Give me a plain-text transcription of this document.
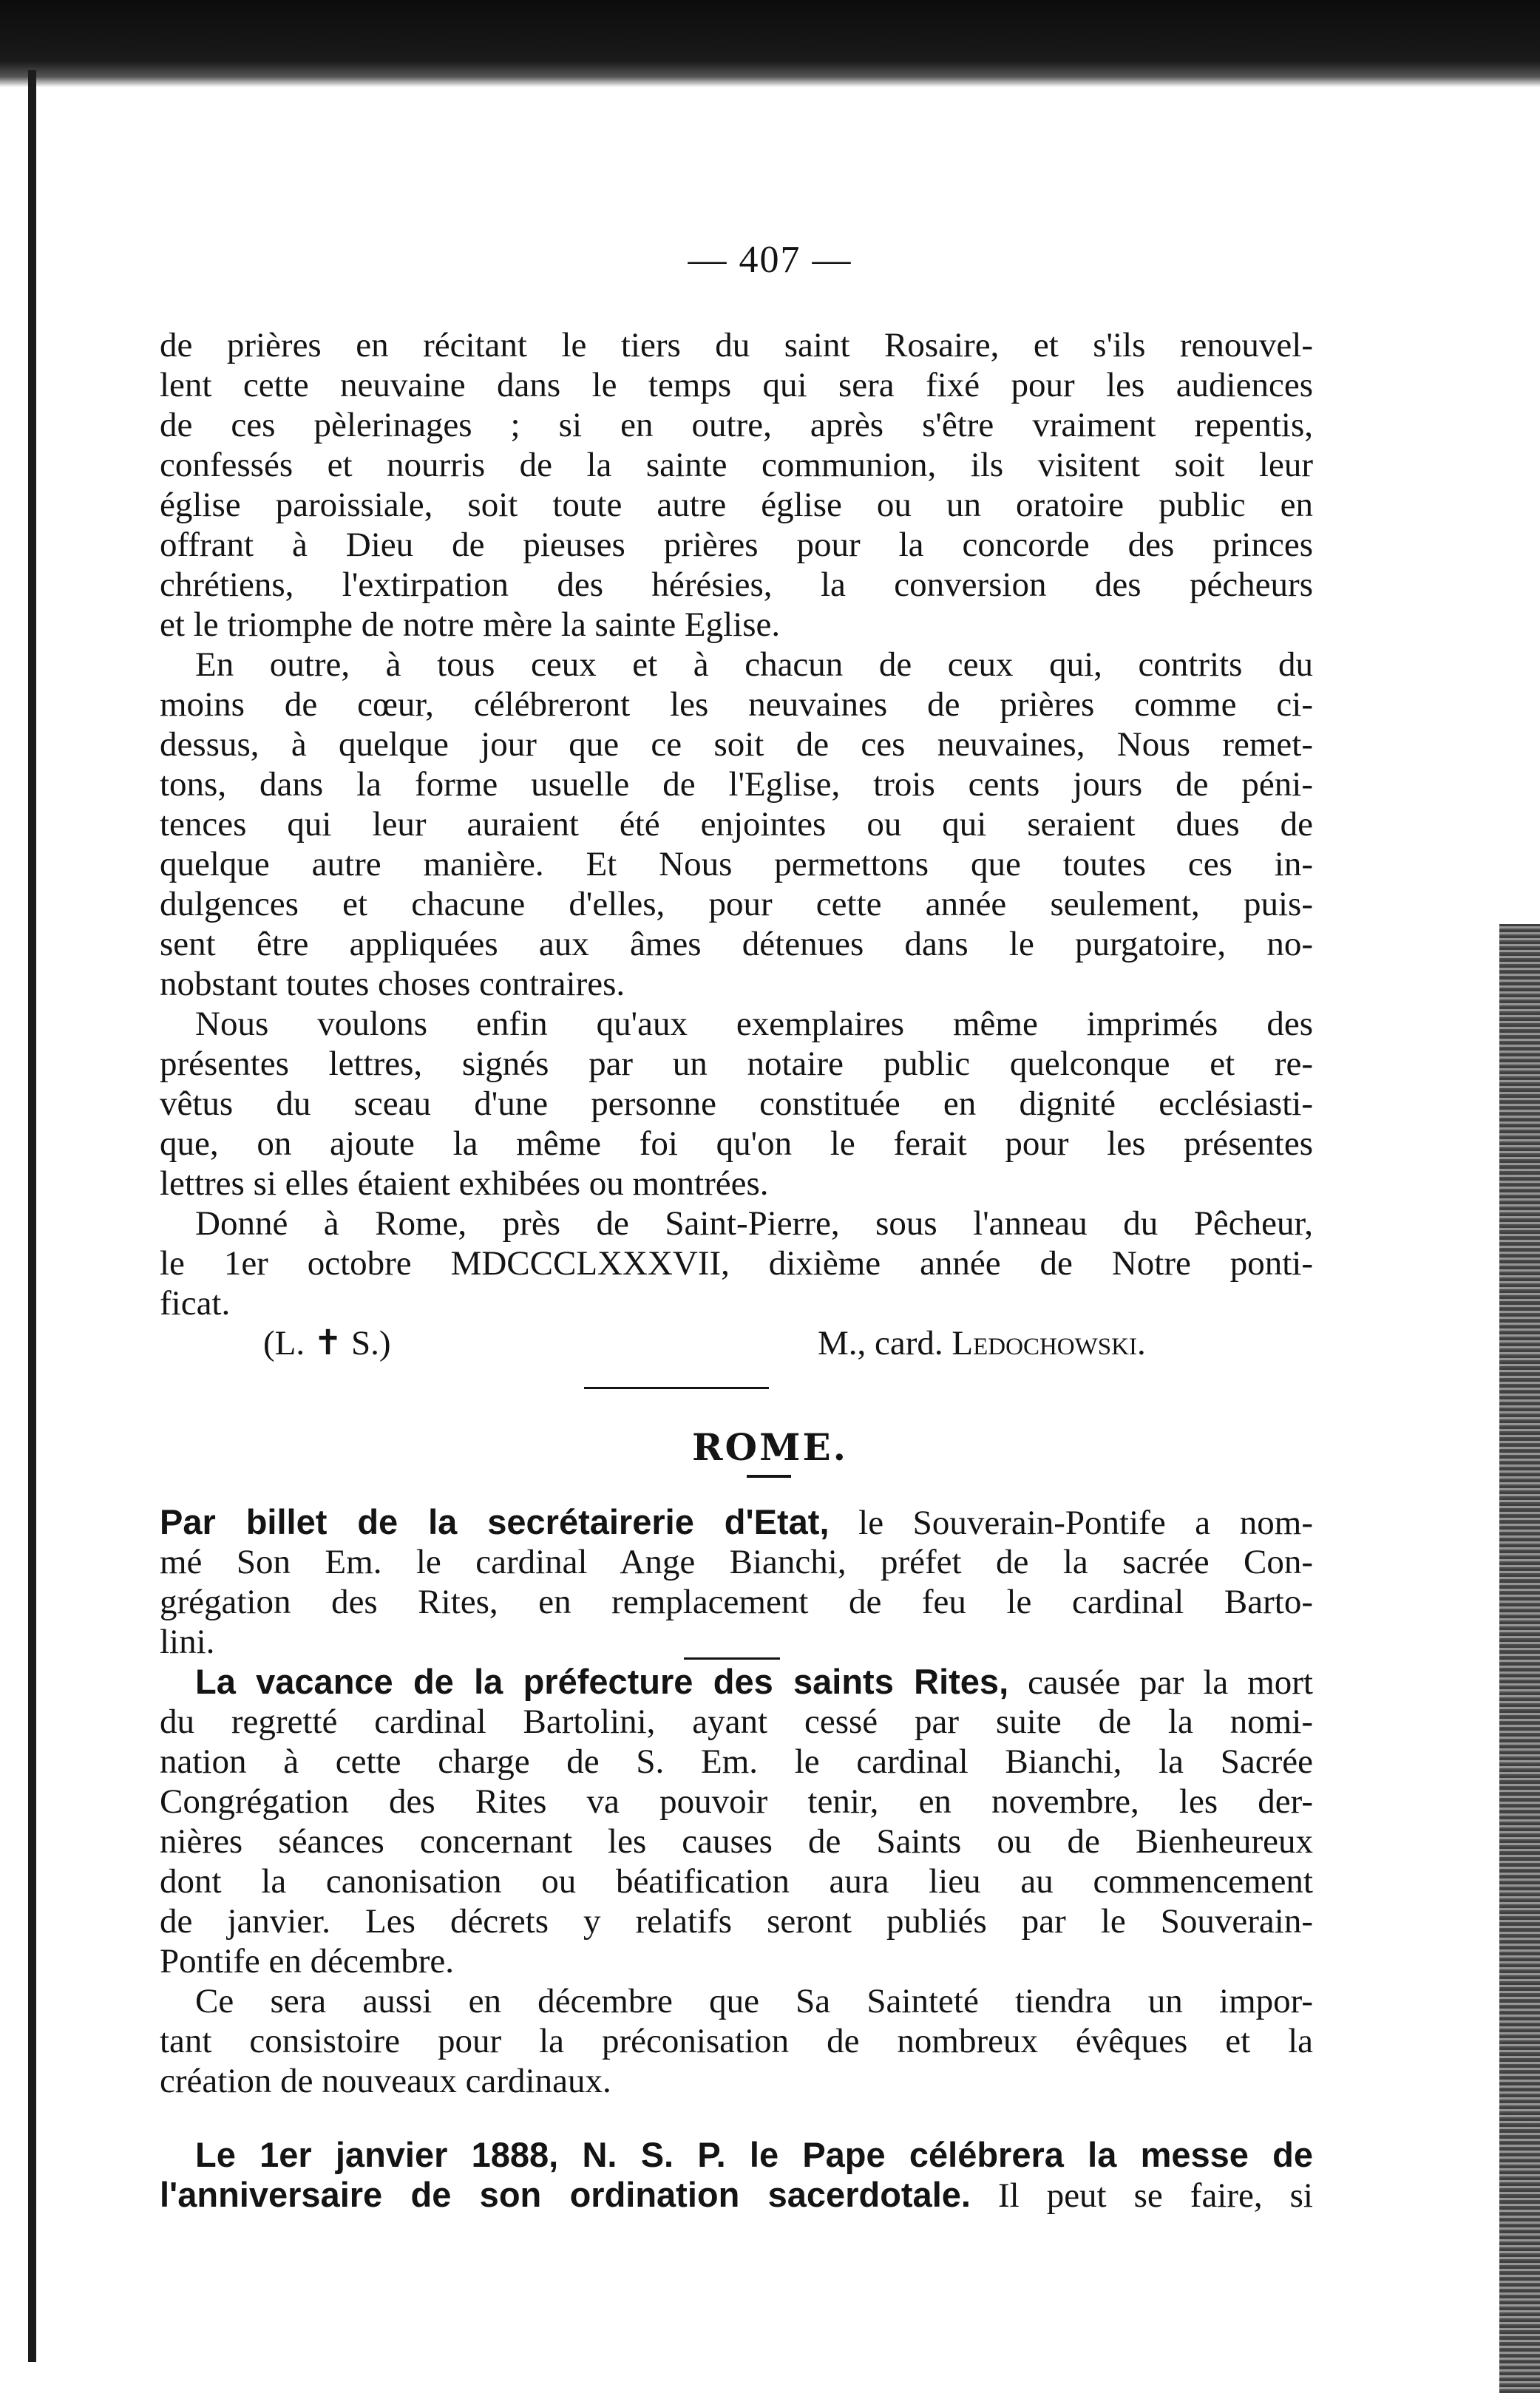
— 407 —
de prières en récitant le tiers du saint Rosaire, et s'ils renouvel-
lent cette neuvaine dans le temps qui sera fixé pour les audiences
de ces pèlerinages ; si en outre, après s'être vraiment repentis,
confessés et nourris de la sainte communion, ils visitent soit leur
église paroissiale, soit toute autre église ou un oratoire public en
offrant à Dieu de pieuses prières pour la concorde des princes
chrétiens, l'extirpation des hérésies, la conversion des pécheurs
et le triomphe de notre mère la sainte Eglise.
En outre, à tous ceux et à chacun de ceux qui, contrits du
moins de cœur, célébreront les neuvaines de prières comme ci-
dessus, à quelque jour que ce soit de ces neuvaines, Nous remet-
tons, dans la forme usuelle de l'Eglise, trois cents jours de péni-
tences qui leur auraient été enjointes ou qui seraient dues de
quelque autre manière. Et Nous permettons que toutes ces in-
dulgences et chacune d'elles, pour cette année seulement, puis-
sent être appliquées aux âmes détenues dans le purgatoire, no-
nobstant toutes choses contraires.
Nous voulons enfin qu'aux exemplaires même imprimés des
présentes lettres, signés par un notaire public quelconque et re-
vêtus du sceau d'une personne constituée en dignité ecclésiasti-
que, on ajoute la même foi qu'on le ferait pour les présentes
lettres si elles étaient exhibées ou montrées.
Donné à Rome, près de Saint-Pierre, sous l'anneau du Pêcheur,
le 1er octobre MDCCCLXXXVII, dixième année de Notre ponti-
ficat.
(L. ✝ S.)	M., card. Ledochowski.
ROME.
Par billet de la secrétairerie d'Etat, le Souverain-Pontife a nom-
mé Son Em. le cardinal Ange Bianchi, préfet de la sacrée Con-
grégation des Rites, en remplacement de feu le cardinal Barto-
lini.
La vacance de la préfecture des saints Rites, causée par la mort
du regretté cardinal Bartolini, ayant cessé par suite de la nomi-
nation à cette charge de S. Em. le cardinal Bianchi, la Sacrée
Congrégation des Rites va pouvoir tenir, en novembre, les der-
nières séances concernant les causes de Saints ou de Bienheureux
dont la canonisation ou béatification aura lieu au commencement
de janvier. Les décrets y relatifs seront publiés par le Souverain-
Pontife en décembre.
Ce sera aussi en décembre que Sa Sainteté tiendra un impor-
tant consistoire pour la préconisation de nombreux évêques et la
création de nouveaux cardinaux.
Le 1er janvier 1888, N. S. P. le Pape célébrera la messe de
l'anniversaire de son ordination sacerdotale. Il peut se faire, si
